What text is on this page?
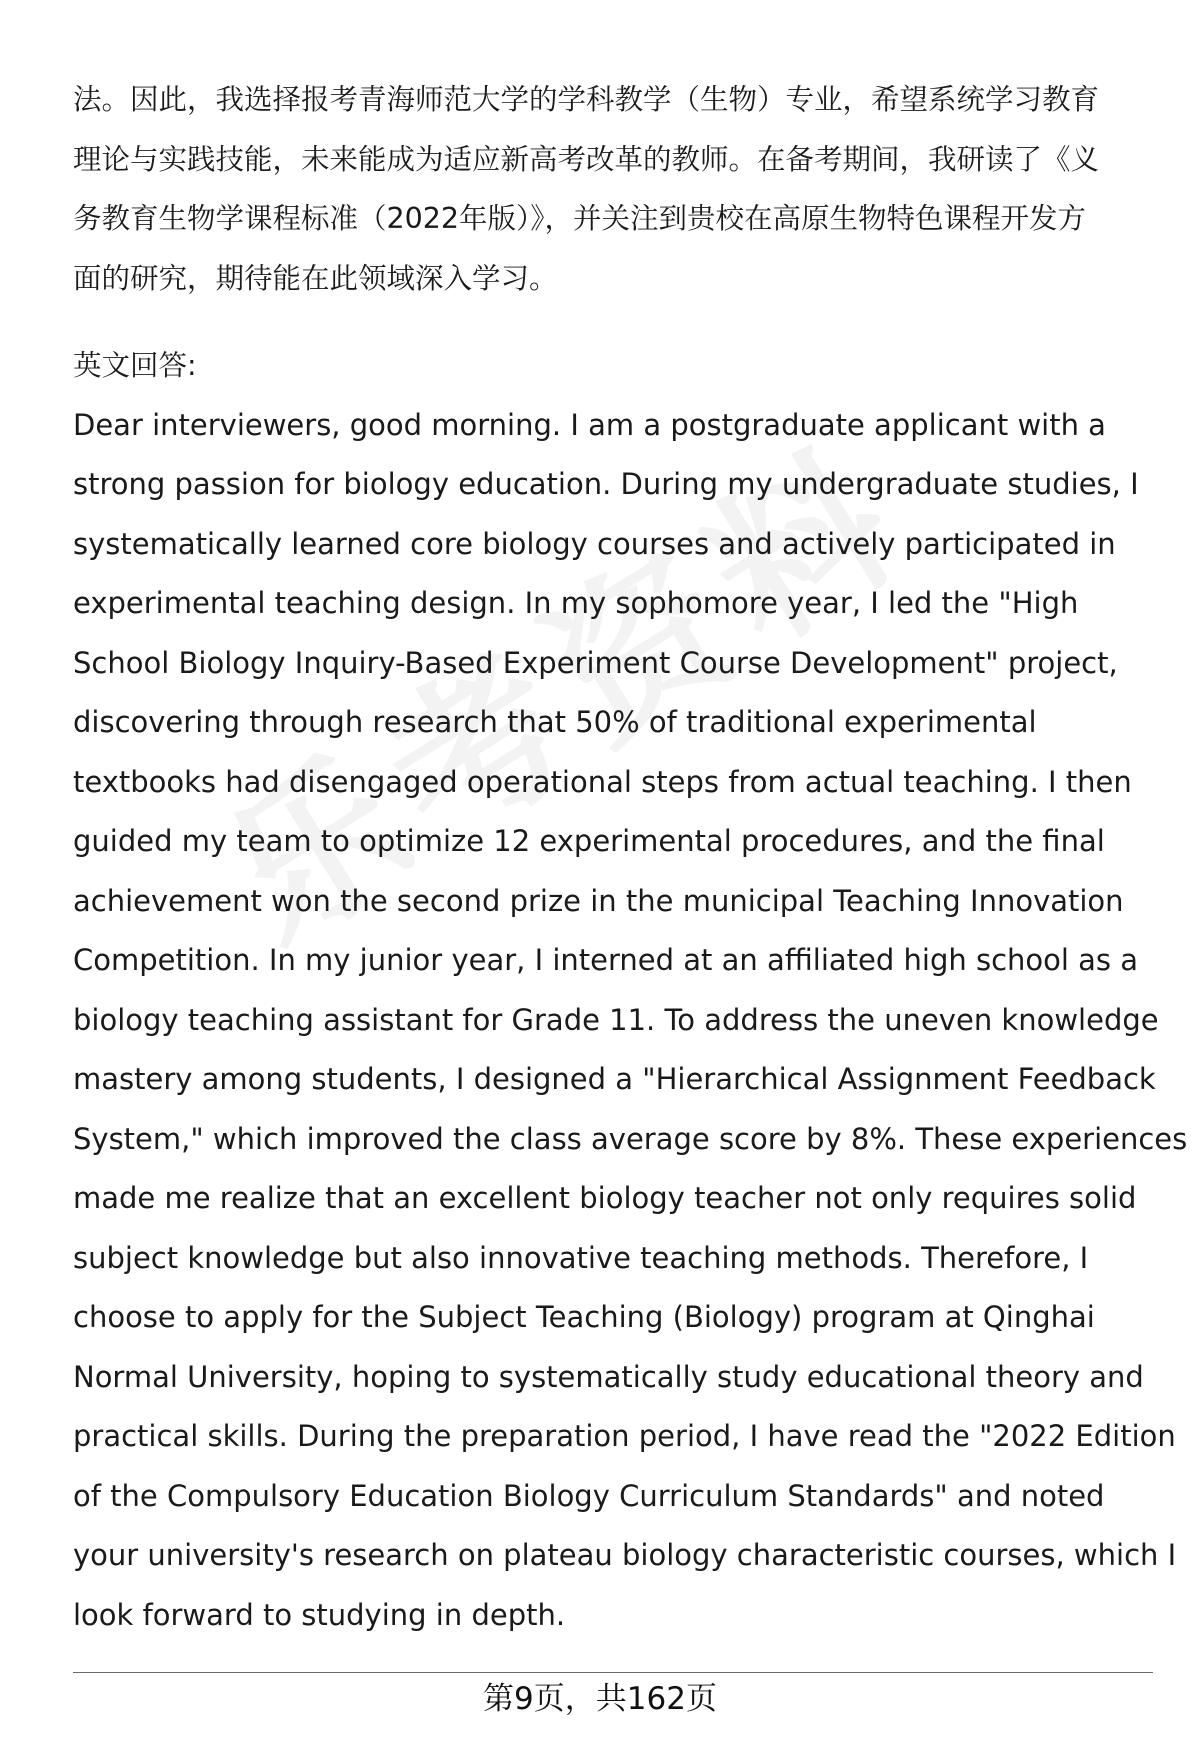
法。因此，我选择报考青海师范大学的学科教学（生物）专业，希望系统学习教育
理论与实践技能，未来能成为适应新高考改革的教师。在备考期间，我研读了《义
务教育生物学课程标准（2022年版）》，并关注到贵校在高原生物特色课程开发方
面的研究，期待能在此领域深入学习。
英文回答:
Dear interviewers, good morning. I am a postgraduate applicant with a
strong passion for biology education. During my undergraduate studies, I
systematically learned core biology courses and actively participated in
experimental teaching design. In my sophomore year, I led the "High
School Biology Inquiry-Based Experiment Course Development" project,
discovering through research that 50% of traditional experimental
textbooks had disengaged operational steps from actual teaching. I then
guided my team to optimize 12 experimental procedures, and the final
achievement won the second prize in the municipal Teaching Innovation
Competition. In my junior year, I interned at an affiliated high school as a
biology teaching assistant for Grade 11. To address the uneven knowledge
mastery among students, I designed a "Hierarchical Assignment Feedback
System," which improved the class average score by 8%. These experiences
made me realize that an excellent biology teacher not only requires solid
subject knowledge but also innovative teaching methods. Therefore, I
choose to apply for the Subject Teaching (Biology) program at Qinghai
Normal University, hoping to systematically study educational theory and
practical skills. During the preparation period, I have read the "2022 Edition
of the Compulsory Education Biology Curriculum Standards" and noted
your university's research on plateau biology characteristic courses, which I
look forward to studying in depth.
第9页，共162页
